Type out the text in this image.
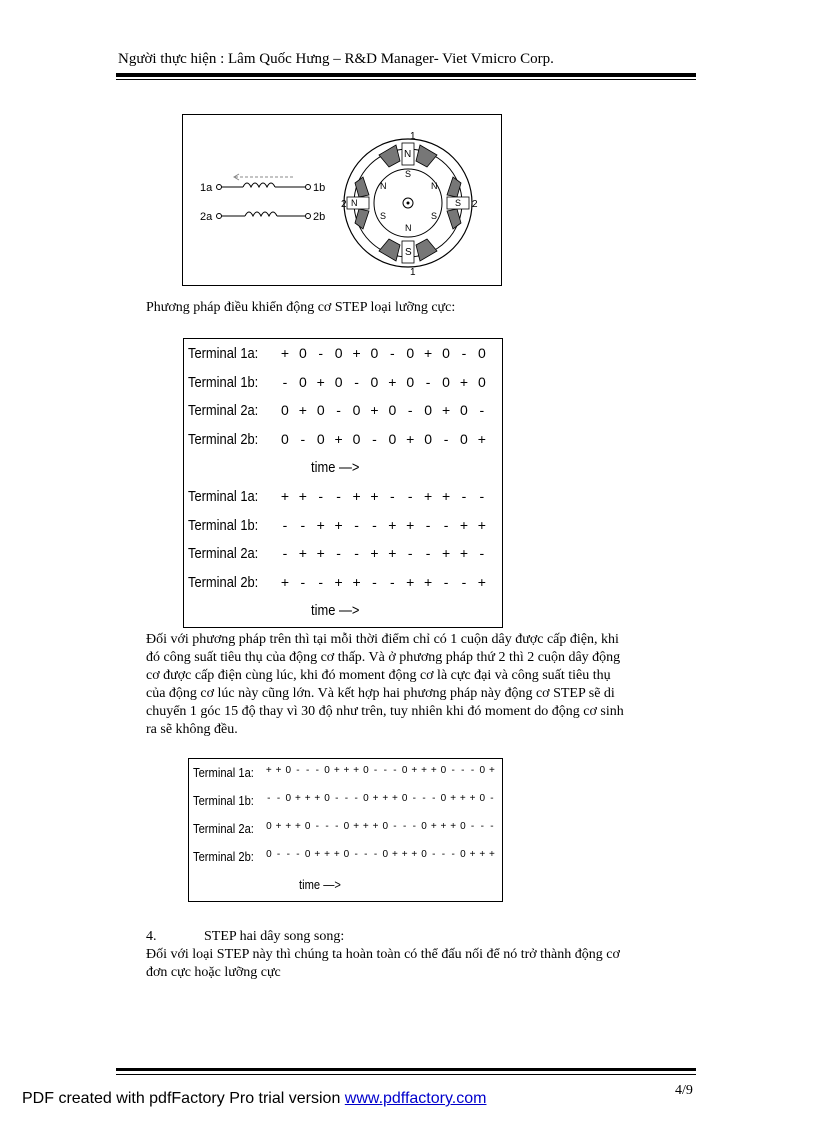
Người thực hiện : Lâm Quốc Hưng – R&D Manager- Viet Vmicro Corp.
1a	1b
2a	2b
1
1
2	2
N
S
N	N
N
S	S
S
N	S
Phương pháp điều khiển động cơ STEP loại lưỡng cực:
Terminal 1a:	+ 0 - 0 + 0 - 0 + 0 - 0
Terminal 1b:	- 0 + 0 - 0 + 0 - 0 + 0
Terminal 2a:	0 + 0 - 0 + 0 - 0 + 0 -
Terminal 2b:	0 - 0 + 0 - 0 + 0 - 0 +
time —>
Terminal 1a:	+ + - - + + - - + + - -
Terminal 1b:	- - + + - - + + - - + +
Terminal 2a:	- + + - - + + - - + + -
Terminal 2b:	+ - - + + - - + + - - +
time —>

Đối với phương pháp trên thì tại mỗi thời điểm chỉ có 1 cuộn dây được cấp điện, khi

đó công suất tiêu thụ của động cơ thấp. Và ở phương pháp thứ 2 thì 2 cuộn dây động

cơ được cấp điện cùng lúc, khi đó moment động cơ là cực đại và công suất tiêu thụ

của động cơ lúc này cũng lớn. Và kết hợp hai phương pháp này động cơ STEP sẽ di

chuyển 1 góc 15 độ thay vì 30 độ như trên, tuy nhiên khi đó moment do động cơ sinh

ra sẽ không đều.

Terminal 1a: + + 0 - - - 0 + + + 0 - - - 0 + + + 0 - - - 0 +
Terminal 1b:	- - 0 + + + 0 - - - 0 + + + 0 - - - 0 + + + 0 -
Terminal 2a: 0 + + + 0 - - - 0 + + + 0 - - - 0 + + + 0 - - -
Terminal 2b: 0 - - - 0 + + + 0 - - - 0 + + + 0 - - - 0 + + +
time —>
4.	STEP hai dây song song:

Đối với loại STEP này thì chúng ta hoàn toàn có thể đấu nối để nó trở thành động cơ

đơn cực hoặc lưỡng cực

PDF created with pdfFactory Pro trial version www.pdffactory.com	4/9
